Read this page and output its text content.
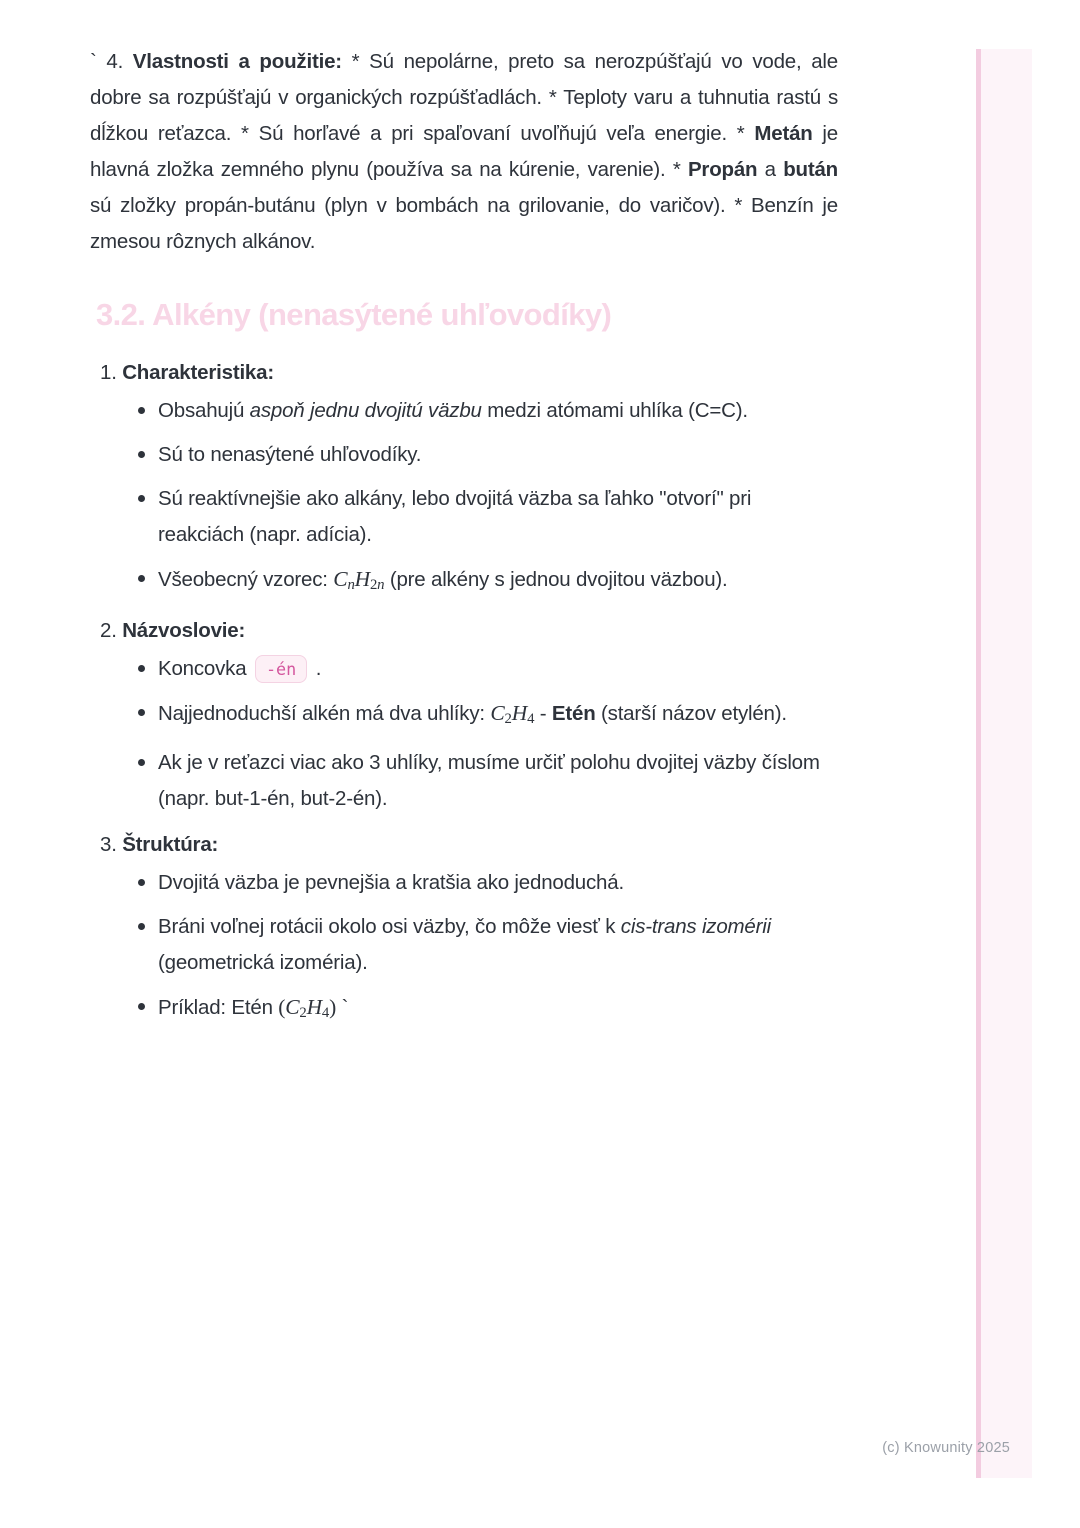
` 4. Vlastnosti a použitie: * Sú nepolárne, preto sa nerozpúšťajú vo vode, ale dobre sa rozpúšťajú v organických rozpúšťadlách. * Teploty varu a tuhnutia rastú s dĺžkou reťazca. * Sú horľavé a pri spaľovaní uvoľňujú veľa energie. * Metán je hlavná zložka zemného plynu (používa sa na kúrenie, varenie). * Propán a bután sú zložky propán-butánu (plyn v bombách na grilovanie, do varičov). * Benzín je zmesou rôznych alkánov.

3.2. Alkény (nenasýtené uhľovodíky)
1. Charakteristika:
Obsahujú aspoň jednu dvojitú väzbu medzi atómami uhlíka (C=C).
Sú to nenasýtené uhľovodíky.
Sú reaktívnejšie ako alkány, lebo dvojitá väzba sa ľahko "otvorí" pri reakciách (napr. adícia).
Všeobecný vzorec: CnH2n (pre alkény s jednou dvojitou väzbou).
2. Názvoslovie:
Koncovka -én .
Najjednoduchší alkén má dva uhlíky: C2H4 - Etén (starší názov etylén).
Ak je v reťazci viac ako 3 uhlíky, musíme určiť polohu dvojitej väzby číslom (napr. but-1-én, but-2-én).
3. Štruktúra:
Dvojitá väzba je pevnejšia a kratšia ako jednoduchá.
Bráni voľnej rotácii okolo osi väzby, čo môže viesť k cis-trans izomérii (geometrická izoméria).
Príklad: Etén (C2H4) `
(c) Knowunity 2025
